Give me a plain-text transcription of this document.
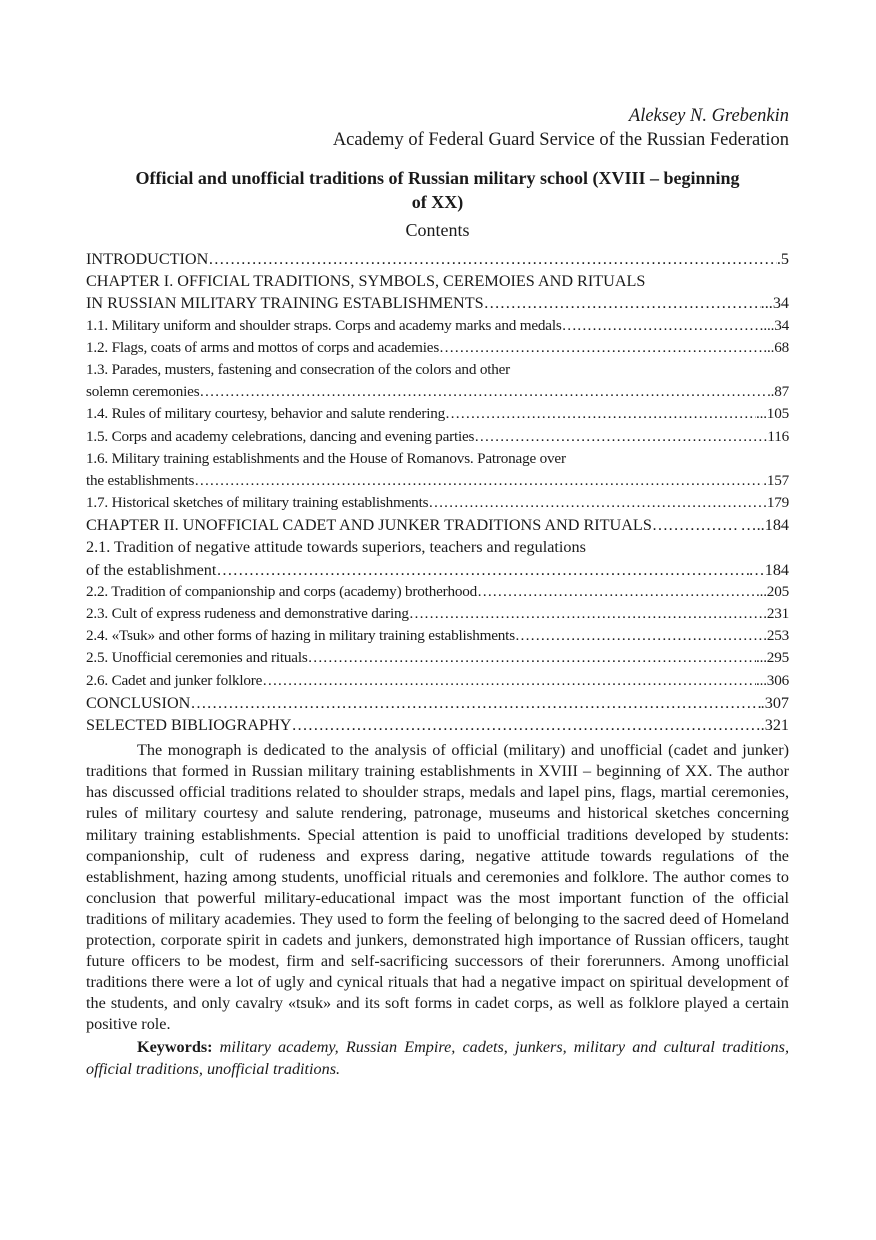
Aleksey N. Grebenkin
Academy of Federal Guard Service of the Russian Federation
Official and unofficial traditions of Russian military school (XVIII – beginning of XX)
Contents
INTRODUCTION ……………………………………………………………………………………………………………………………………………………………	.5
CHAPTER I. OFFICIAL TRADITIONS, SYMBOLS, CEREMOIES AND RITUALS
IN RUSSIAN MILITARY TRAINING ESTABLISHMENTS ……………………………………………………………………………………………………………………………………………………………	...34
1.1. Military uniform and shoulder straps. Corps and academy marks and medals ……………………………………………………………………………………………………………………………………………………………	...34
1.2. Flags, coats of arms and mottos of corps and academies ……………………………………………………………………………………………………………………………………………………………	...68
1.3. Parades, musters, fastening and consecration of the colors and other
solemn ceremonies ……………………………………………………………………………………………………………………………………………………………	.87
1.4. Rules of military courtesy, behavior and salute rendering ……………………………………………………………………………………………………………………………………………………………	...105
1.5. Corps and academy celebrations, dancing and evening parties ……………………………………………………………………………………………………………………………………………………………	116
1.6. Military training establishments and the House of Romanovs. Patronage over
the establishments ……………………………………………………………………………………………………………………………………………………………	.157
1.7. Historical sketches of military training establishments ……………………………………………………………………………………………………………………………………………………………	179
CHAPTER II. UNOFFICIAL CADET AND JUNKER TRADITIONS AND RITUALS ……………………………………………………………………………………………………………………………………………………………	…..184
2.1. Tradition of negative attitude towards superiors, teachers and regulations
of the establishment ……………………………………………………………………………………………………………………………………………………………	…184
2.2. Tradition of companionship and corps (academy) brotherhood ……………………………………………………………………………………………………………………………………………………………	...205
2.3. Cult of express rudeness and demonstrative daring ……………………………………………………………………………………………………………………………………………………………	.231
2.4. «Tsuk» and other forms of hazing in military training establishments ……………………………………………………………………………………………………………………………………………………………	.253
2.5. Unofficial ceremonies and rituals ……………………………………………………………………………………………………………………………………………………………	...295
2.6. Cadet and junker folklore ……………………………………………………………………………………………………………………………………………………………	...306
CONCLUSION ……………………………………………………………………………………………………………………………………………………………	.307
SELECTED BIBLIOGRAPHY ……………………………………………………………………………………………………………………………………………………………	.321

The monograph is dedicated to the analysis of official (military) and unofficial (cadet and junker) traditions that formed in Russian military training establishments in XVIII – beginning of XX. The author has discussed official traditions related to shoulder straps, medals and lapel pins, flags, martial ceremonies, rules of military courtesy and salute rendering, patronage, museums and historical sketches concerning military training establishments. Special attention is paid to unofficial traditions developed by students: companionship, cult of rudeness and express daring, negative attitude towards regulations of the establishment, hazing among students, unofficial rituals and ceremonies and folklore. The author comes to conclusion that powerful military-educational impact was the most important function of the official traditions of military academies. They used to form the feeling of belonging to the sacred deed of Homeland protection, corporate spirit in cadets and junkers, demonstrated high importance of Russian officers, taught future officers to be modest, firm and self-sacrificing successors of their forerunners. Among unofficial traditions there were a lot of ugly and cynical rituals that had a negative impact on spiritual development of the students, and only cavalry «tsuk» and its soft forms in cadet corps, as well as folklore played a certain positive role.

Keywords: military academy, Russian Empire, cadets, junkers, military and cultural traditions, official traditions, unofficial traditions.
